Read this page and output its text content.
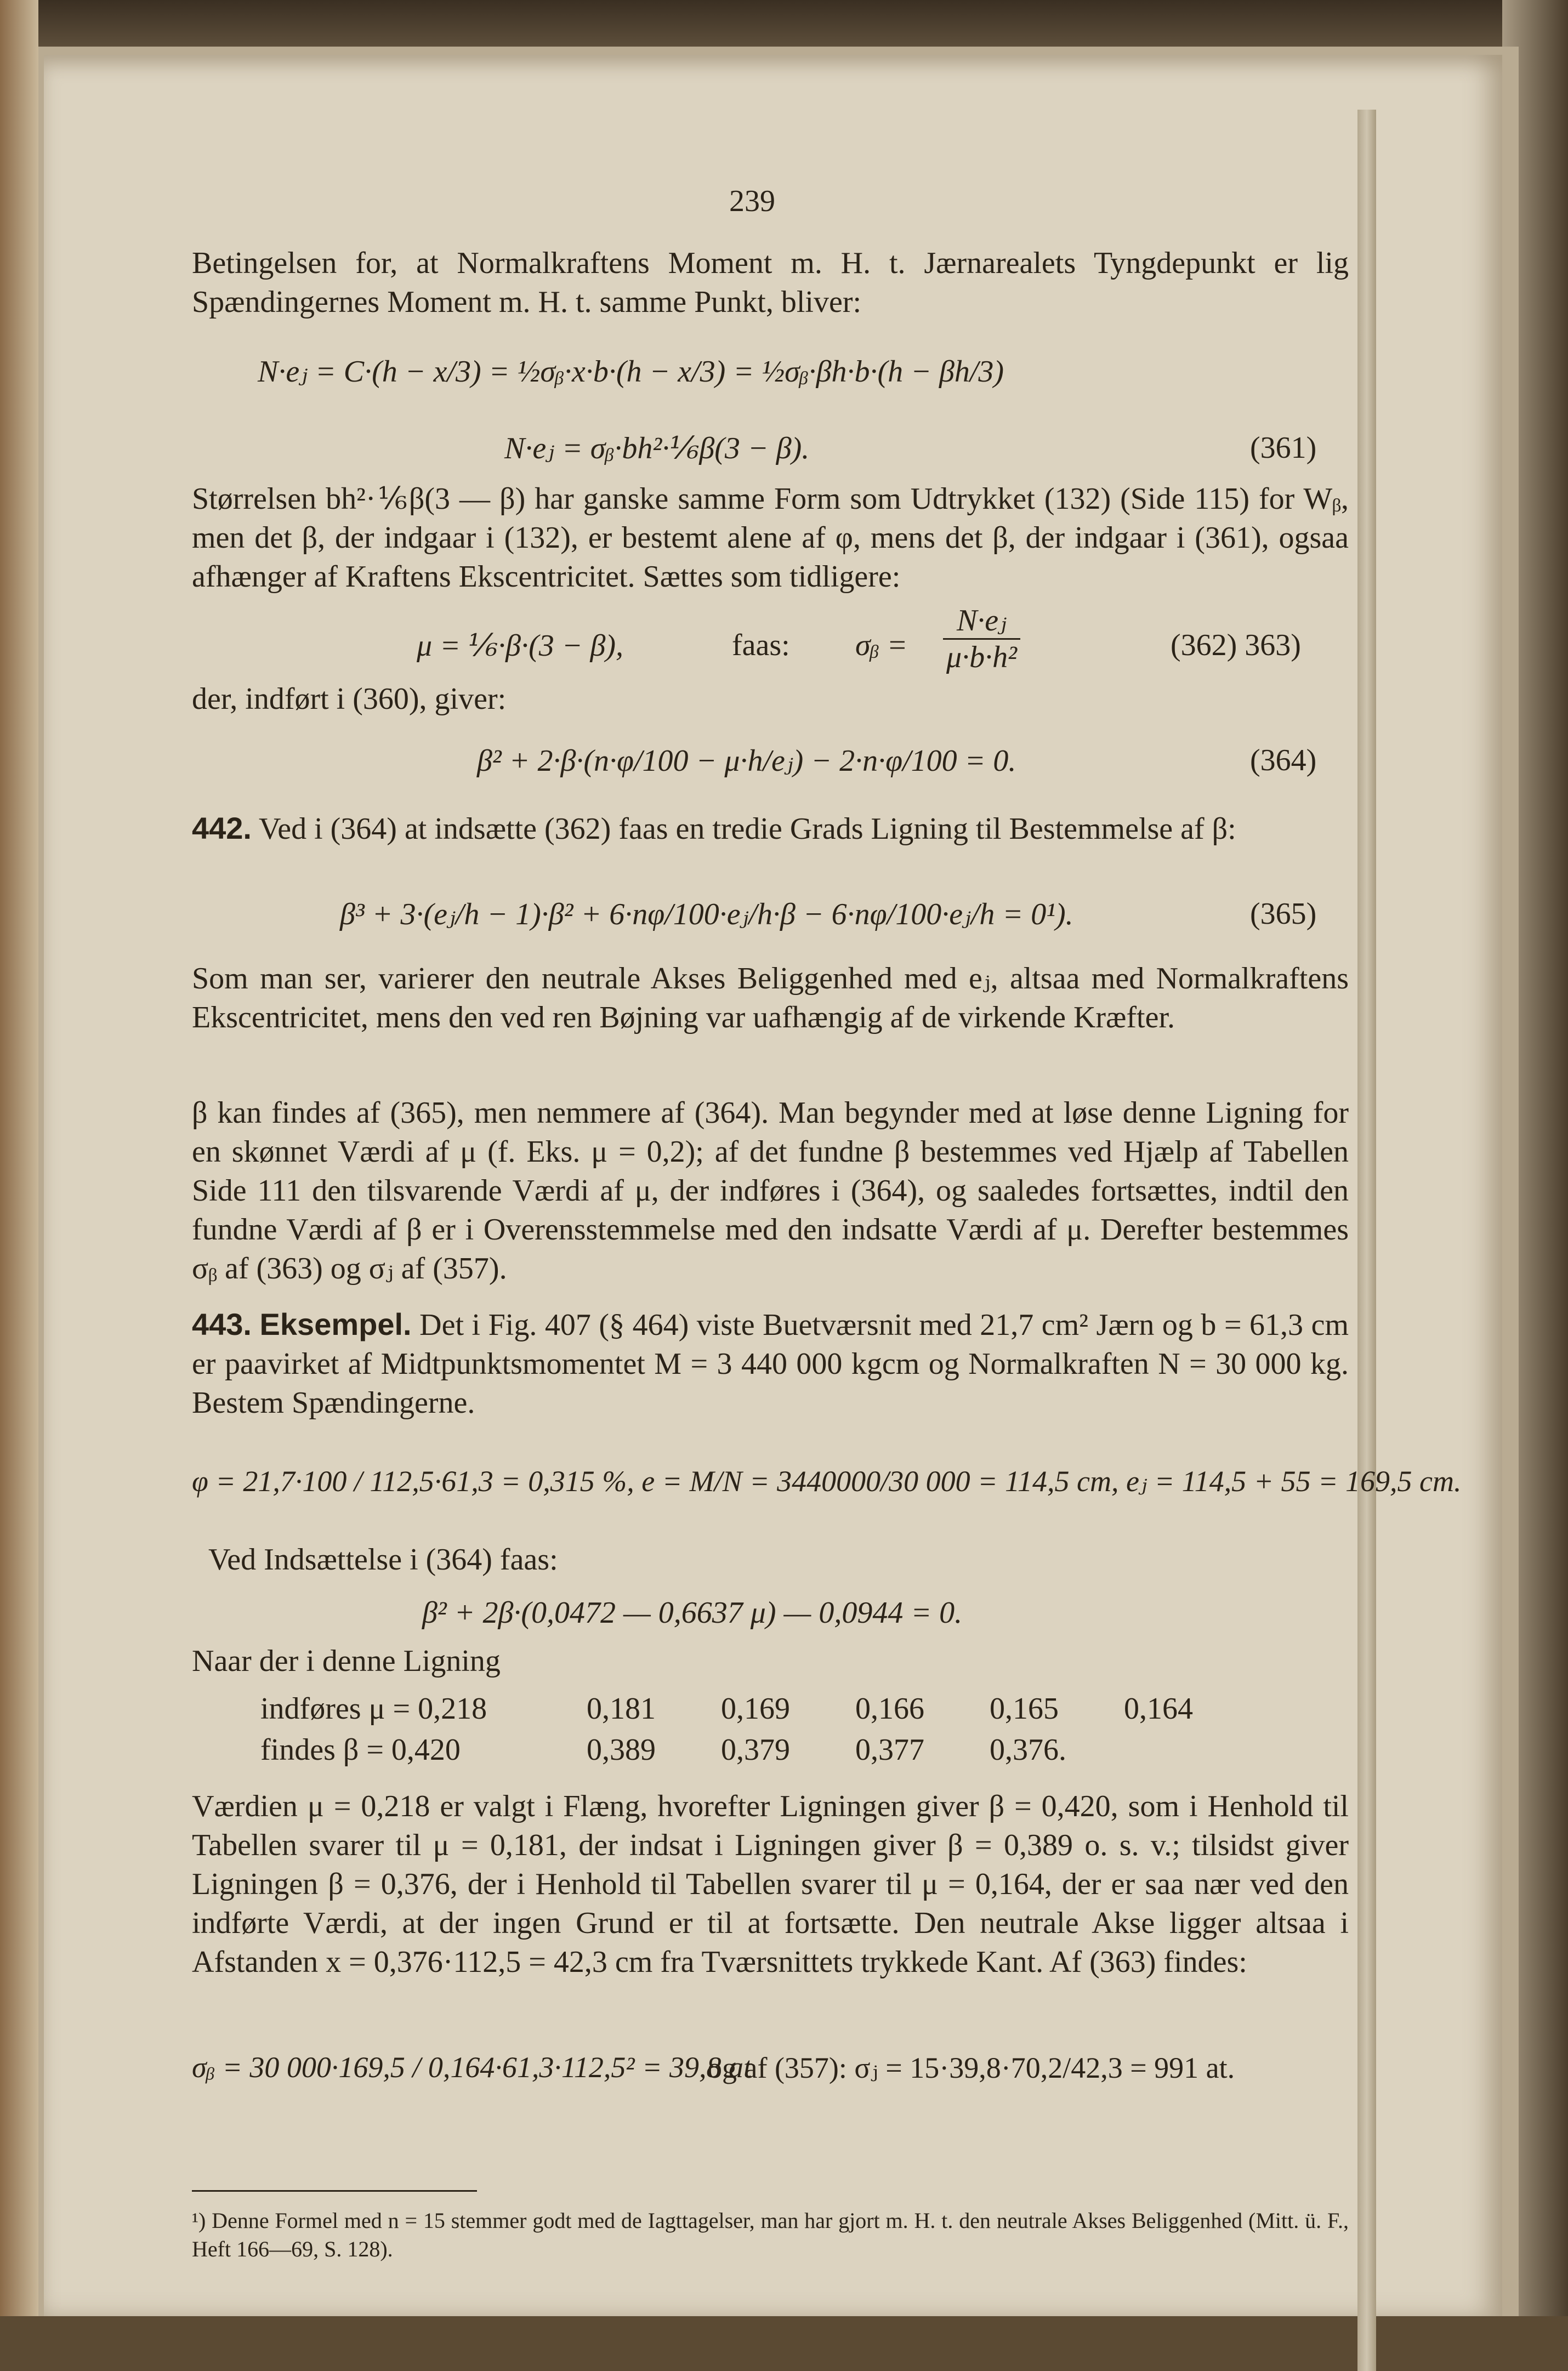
239
Betingelsen for, at Normalkraftens Moment m. H. t. Jærnarealets Tyngdepunkt er lig Spændingernes Moment m. H. t. samme Punkt, bliver:
N·eⱼ = C·(h − x/3) = ½σᵦ·x·b·(h − x/3) = ½σᵦ·βh·b·(h − βh/3)
N·eⱼ = σᵦ·bh²·⅙β(3 − β).	(361)
Størrelsen bh²·⅙β(3 — β) har ganske samme Form som Udtrykket (132) (Side 115) for Wᵦ, men det β, der indgaar i (132), er bestemt alene af φ, mens det β, der indgaar i (361), ogsaa afhænger af Kraftens Ekscentricitet. Sættes som tidligere:
μ = ⅙·β·(3 − β),	faas: σᵦ = $\frac{\text{N·eⱼ}}{\text{μ·b·h²}}$	(362) 363)
der, indført i (360), giver:
β² + 2·β·(n·φ/100 − μ·h/eⱼ) − 2·n·φ/100 = 0.	(364)
442. Ved i (364) at indsætte (362) faas en tredie Grads Ligning til Bestemmelse af β:
β³ + 3·(eⱼ/h − 1)·β² + 6·nφ/100·eⱼ/h·β − 6·nφ/100·eⱼ/h = 0¹).	(365)
Som man ser, varierer den neutrale Akses Beliggenhed med eⱼ, altsaa med Normalkraftens Ekscentricitet, mens den ved ren Bøjning var uafhængig af de virkende Kræfter.
β kan findes af (365), men nemmere af (364). Man begynder med at løse denne Ligning for en skønnet Værdi af μ (f. Eks. μ = 0,2); af det fundne β bestemmes ved Hjælp af Tabellen Side 111 den tilsvarende Værdi af μ, der indføres i (364), og saaledes fortsættes, indtil den fundne Værdi af β er i Overensstemmelse med den indsatte Værdi af μ. Derefter bestemmes σᵦ af (363) og σⱼ af (357).
443. Eksempel. Det i Fig. 407 (§ 464) viste Buetværsnit med 21,7 cm² Jærn og b = 61,3 cm er paavirket af Midtpunktsmomentet M = 3 440 000 kgcm og Normalkraften N = 30 000 kg. Bestem Spændingerne.
φ = 21,7·100 / 112,5·61,3 = 0,315 %, e = M/N = 3440000/30 000 = 114,5 cm, eⱼ = 114,5 + 55 = 169,5 cm.
Ved Indsættelse i (364) faas:
β² + 2β·(0,0472 — 0,6637 μ) — 0,0944 = 0.
Naar der i denne Ligning
indføres μ = 0,218	0,181 0,169 0,166 0,165 0,164
findes β = 0,420	0,389 0,379 0,377 0,376.
Værdien μ = 0,218 er valgt i Flæng, hvorefter Ligningen giver β = 0,420, som i Henhold til Tabellen svarer til μ = 0,181, der indsat i Ligningen giver β = 0,389 o. s. v.; tilsidst giver Ligningen β = 0,376, der i Henhold til Tabellen svarer til μ = 0,164, der er saa nær ved den indførte Værdi, at der ingen Grund er til at fortsætte. Den neutrale Akse ligger altsaa i Afstanden x = 0,376·112,5 = 42,3 cm fra Tværsnittets trykkede Kant. Af (363) findes:
σᵦ = 30 000·169,5 / 0,164·61,3·112,5² = 39,8 at
og af (357): σⱼ = 15·39,8·70,2/42,3 = 991 at.
¹) Denne Formel med n = 15 stemmer godt med de Iagttagelser, man har gjort m. H. t. den neutrale Akses Beliggenhed (Mitt. ü. F., Heft 166—69, S. 128).
